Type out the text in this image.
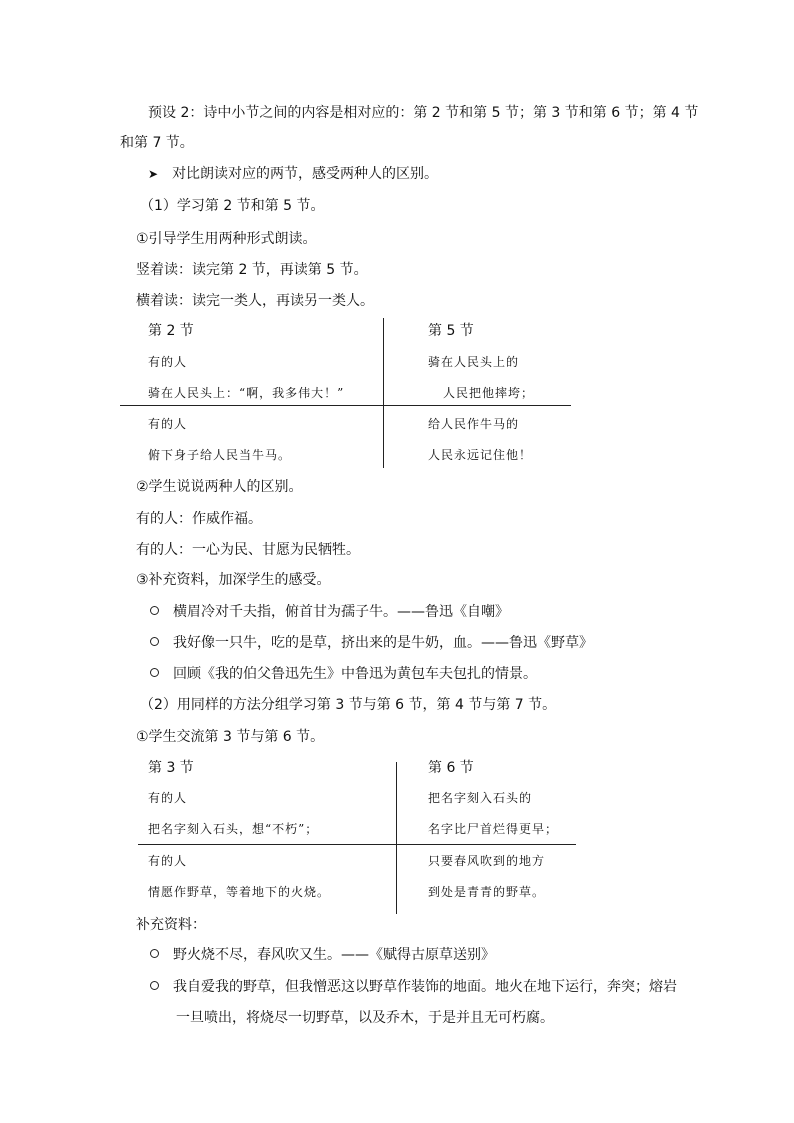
预设 2：诗中小节之间的内容是相对应的：第 2 节和第 5 节；第 3 节和第 6 节；第 4 节
和第 7 节。
➤ 对比朗读对应的两节，感受两种人的区别。
（1）学习第 2 节和第 5 节。
①引导学生用两种形式朗读。
竖着读：读完第 2 节，再读第 5 节。
横着读：读完一类人，再读另一类人。
第 2 节	第 5 节
有的人
骑在人民头上：“啊，我多伟大！”
骑在人民头上的
人民把他摔垮；
有的人
俯下身子给人民当牛马。
给人民作牛马的
人民永远记住他！
②学生说说两种人的区别。
有的人：作威作福。
有的人：一心为民、甘愿为民牺牲。
③补充资料，加深学生的感受。
横眉冷对千夫指，俯首甘为孺子牛。——鲁迅《自嘲》
我好像一只牛，吃的是草，挤出来的是牛奶，血。——鲁迅《野草》
回顾《我的伯父鲁迅先生》中鲁迅为黄包车夫包扎的情景。
（2）用同样的方法分组学习第 3 节与第 6 节，第 4 节与第 7 节。
①学生交流第 3 节与第 6 节。
第 3 节	第 6 节
有的人
把名字刻入石头，想“不朽”；
把名字刻入石头的
名字比尸首烂得更早；
有的人
情愿作野草，等着地下的火烧。
只要春风吹到的地方
到处是青青的野草。
补充资料：
野火烧不尽，春风吹又生。——《赋得古原草送别》
我自爱我的野草，但我憎恶这以野草作装饰的地面。地火在地下运行，奔突；熔岩
一旦喷出，将烧尽一切野草，以及乔木，于是并且无可朽腐。
